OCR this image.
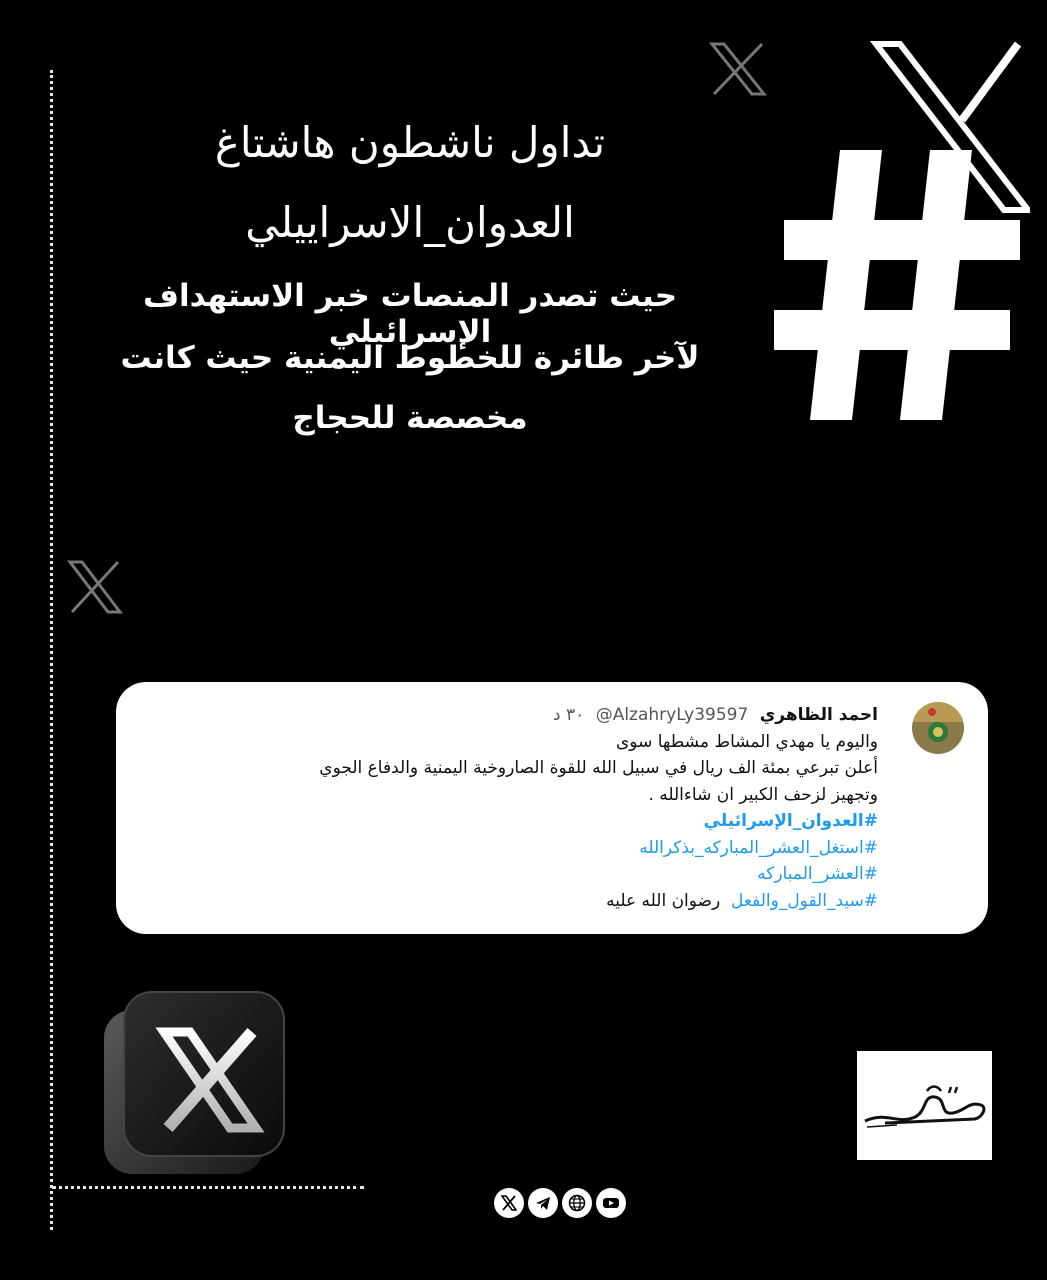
تداول ناشطون هاشتاغ
العدوان_الاسراييلي

حيث تصدر المنصات خبر الاستهداف الإسرائيلي

لآخر طائرة للخطوط اليمنية حيث كانت

مخصصة للحجاج

احمد الظاهري @AlzahryLy39597 ٣٠ د

واليوم يا مهدي المشاط مشطها سوى

أعلن تبرعي بمئة الف ريال في سبيل الله للقوة الصاروخية اليمنية والدفاع الجوي

وتجهيز لزحف الكبير ان شاءالله .

#العدوان_الإسرائيلي

#استغل_العشر_المباركه_بذكرالله

#العشر_المباركه

#سيد_القول_والفعل  رضوان الله عليه
